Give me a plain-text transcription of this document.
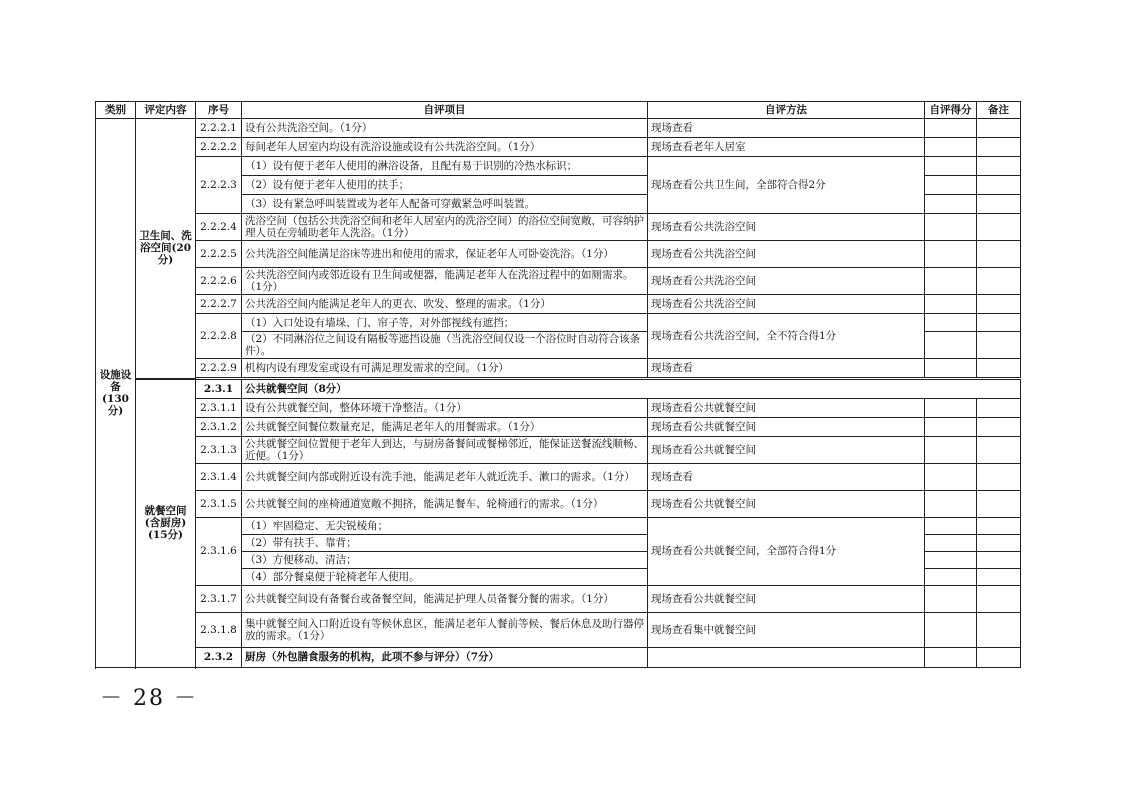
类别	评定内容	序号	自评项目	自评方法	自评得分	备注
设施设备(130分)	卫生间、洗浴空间(20分)	2.2.2.1	设有公共洗浴空间。（1分）	现场查看		
		2.2.2.2	每间老年人居室内均设有洗浴设施或设有公共洗浴空间。（1分）	现场查看老年人居室		
		2.2.2.3	（1）设有便于老年人使用的淋浴设备，且配有易于识别的冷热水标识；	现场查看公共卫生间，全部符合得2分		
			（2）设有便于老年人使用的扶手；			
			（3）设有紧急呼叫装置或为老年人配备可穿戴紧急呼叫装置。			
		2.2.2.4	洗浴空间（包括公共洗浴空间和老年人居室内的洗浴空间）的浴位空间宽敞，可容纳护理人员在旁辅助老年人洗浴。（1分）	现场查看公共洗浴空间		
		2.2.2.5	公共洗浴空间能满足浴床等进出和使用的需求，保证老年人可卧姿洗浴。（1分）	现场查看公共洗浴空间		
		2.2.2.6	公共洗浴空间内或邻近设有卫生间或便器，能满足老年人在洗浴过程中的如厕需求。（1分）	现场查看公共洗浴空间		
		2.2.2.7	公共洗浴空间内能满足老年人的更衣、吹发、整理的需求。（1分）	现场查看公共洗浴空间		
		2.2.2.8	（1）入口处设有墙垛、门、帘子等，对外部视线有遮挡；	现场查看公共洗浴空间，全不符合得1分		
			（2）不同淋浴位之间设有隔板等遮挡设施（当洗浴空间仅设一个浴位时自动符合该条件）。			
		2.2.2.9	机构内设有理发室或设有可满足理发需求的空间。（1分）	现场查看		

	就餐空间(含厨房)(15分)	2.3.1	公共就餐空间（8分）			
		2.3.1.1	设有公共就餐空间，整体环境干净整洁。（1分）	现场查看公共就餐空间		
		2.3.1.2	公共就餐空间餐位数量充足，能满足老年人的用餐需求。（1分）	现场查看公共就餐空间		
		2.3.1.3	公共就餐空间位置便于老年人到达，与厨房备餐间或餐梯邻近，能保证送餐流线顺畅、近便。（1分）	现场查看公共就餐空间		
		2.3.1.4	公共就餐空间内部或附近设有洗手池，能满足老年人就近洗手、漱口的需求。（1分）	现场查看		
		2.3.1.5	公共就餐空间的座椅通道宽敞不拥挤，能满足餐车、轮椅通行的需求。（1分）	现场查看公共就餐空间		
		2.3.1.6	（1）牢固稳定、无尖锐棱角；	现场查看公共就餐空间，全部符合得1分		
			（2）带有扶手、靠背；			
			（3）方便移动、清洁；			
			（4）部分餐桌便于轮椅老年人使用。			
		2.3.1.7	公共就餐空间设有备餐台或备餐空间，能满足护理人员备餐分餐的需求。（1分）	现场查看公共就餐空间		
		2.3.1.8	集中就餐空间入口附近设有等候休息区，能满足老年人餐前等候、餐后休息及助行器停放的需求。（1分）	现场查看集中就餐空间		
		2.3.2	厨房（外包膳食服务的机构，此项不参与评分）（7分）			

－ 28 －
